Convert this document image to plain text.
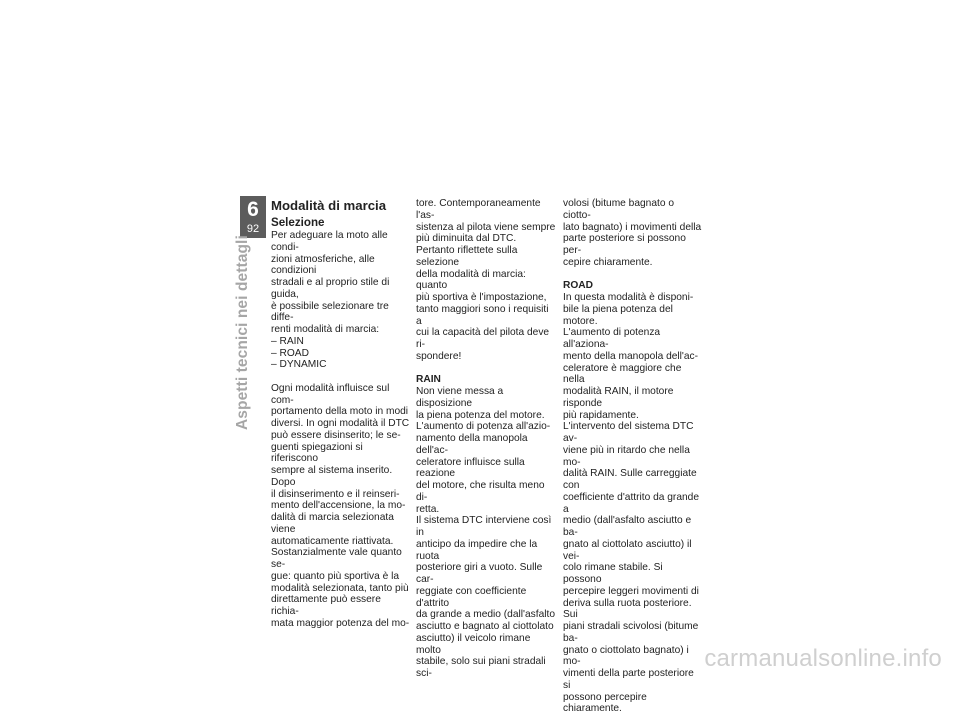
6
92
Aspetti tecnici nei dettagli

Modalità di marcia

Selezione

Per adeguare la moto alle condi-
zioni atmosferiche, alle condizioni
stradali e al proprio stile di guida,
è possibile selezionare tre diffe-
renti modalità di marcia:

– RAIN
– ROAD
– DYNAMIC

Ogni modalità influisce sul com-
portamento della moto in modi
diversi. In ogni modalità il DTC
può essere disinserito; le se-
guenti spiegazioni si riferiscono
sempre al sistema inserito. Dopo
il disinserimento e il reinseri-
mento dell'accensione, la mo-
dalità di marcia selezionata viene
automaticamente riattivata.
Sostanzialmente vale quanto se-
gue: quanto più sportiva è la
modalità selezionata, tanto più
direttamente può essere richia-
mata maggior potenza del mo-

tore. Contemporaneamente l'as-
sistenza al pilota viene sempre
più diminuita dal DTC.
Pertanto riflettete sulla selezione
della modalità di marcia: quanto
più sportiva è l'impostazione,
tanto maggiori sono i requisiti a
cui la capacità del pilota deve ri-
spondere!

RAIN

Non viene messa a disposizione
la piena potenza del motore.
L'aumento di potenza all'azio-
namento della manopola dell'ac-
celeratore influisce sulla reazione
del motore, che risulta meno di-
retta.
Il sistema DTC interviene così in
anticipo da impedire che la ruota
posteriore giri a vuoto. Sulle car-
reggiate con coefficiente d'attrito
da grande a medio (dall'asfalto
asciutto e bagnato al ciottolato
asciutto) il veicolo rimane molto
stabile, solo sui piani stradali sci-

volosi (bitume bagnato o ciotto-
lato bagnato) i movimenti della
parte posteriore si possono per-
cepire chiaramente.

ROAD

In questa modalità è disponi-
bile la piena potenza del motore.
L'aumento di potenza all'aziona-
mento della manopola dell'ac-
celeratore è maggiore che nella
modalità RAIN, il motore risponde
più rapidamente.
L'intervento del sistema DTC av-
viene più in ritardo che nella mo-
dalità RAIN. Sulle carreggiate con
coefficiente d'attrito da grande a
medio (dall'asfalto asciutto e ba-
gnato al ciottolato asciutto) il vei-
colo rimane stabile. Si possono
percepire leggeri movimenti di
deriva sulla ruota posteriore. Sui
piani stradali scivolosi (bitume ba-
gnato o ciottolato bagnato) i mo-
vimenti della parte posteriore si
possono percepire chiaramente.

carmanualsonline.info
